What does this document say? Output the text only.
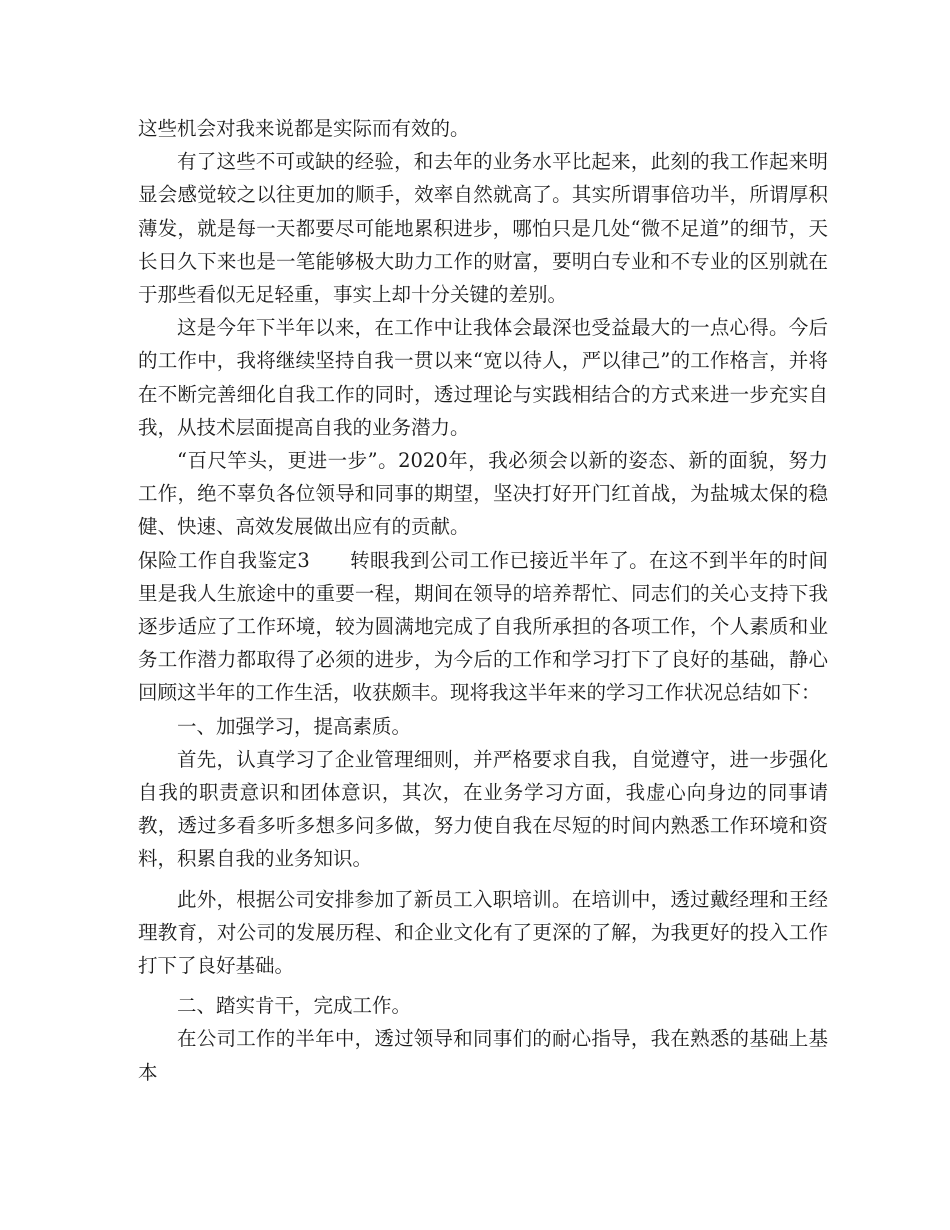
这些机会对我来说都是实际而有效的。

有了这些不可或缺的经验，和去年的业务水平比起来，此刻的我工作起来明显会感觉较之以往更加的顺手，效率自然就高了。其实所谓事倍功半，所谓厚积薄发，就是每一天都要尽可能地累积进步，哪怕只是几处“微不足道”的细节，天长日久下来也是一笔能够极大助力工作的财富，要明白专业和不专业的区别就在于那些看似无足轻重，事实上却十分关键的差别。

这是今年下半年以来，在工作中让我体会最深也受益最大的一点心得。今后的工作中，我将继续坚持自我一贯以来“宽以待人，严以律己”的工作格言，并将在不断完善细化自我工作的同时，透过理论与实践相结合的方式来进一步充实自我，从技术层面提高自我的业务潜力。

“百尺竿头，更进一步”。2020年，我必须会以新的姿态、新的面貌，努力工作，绝不辜负各位领导和同事的期望，坚决打好开门红首战，为盐城太保的稳健、快速、高效发展做出应有的贡献。

保险工作自我鉴定3　　转眼我到公司工作已接近半年了。在这不到半年的时间里是我人生旅途中的重要一程，期间在领导的培养帮忙、同志们的关心支持下我逐步适应了工作环境，较为圆满地完成了自我所承担的各项工作，个人素质和业务工作潜力都取得了必须的进步，为今后的工作和学习打下了良好的基础，静心回顾这半年的工作生活，收获颇丰。现将我这半年来的学习工作状况总结如下：

一、加强学习，提高素质。

首先，认真学习了企业管理细则，并严格要求自我，自觉遵守，进一步强化自我的职责意识和团体意识，其次，在业务学习方面，我虚心向身边的同事请教，透过多看多听多想多问多做，努力使自我在尽短的时间内熟悉工作环境和资料，积累自我的业务知识。

此外，根据公司安排参加了新员工入职培训。在培训中，透过戴经理和王经理教育，对公司的发展历程、和企业文化有了更深的了解，为我更好的投入工作打下了良好基础。

二、踏实肯干，完成工作。

在公司工作的半年中，透过领导和同事们的耐心指导，我在熟悉的基础上基本
